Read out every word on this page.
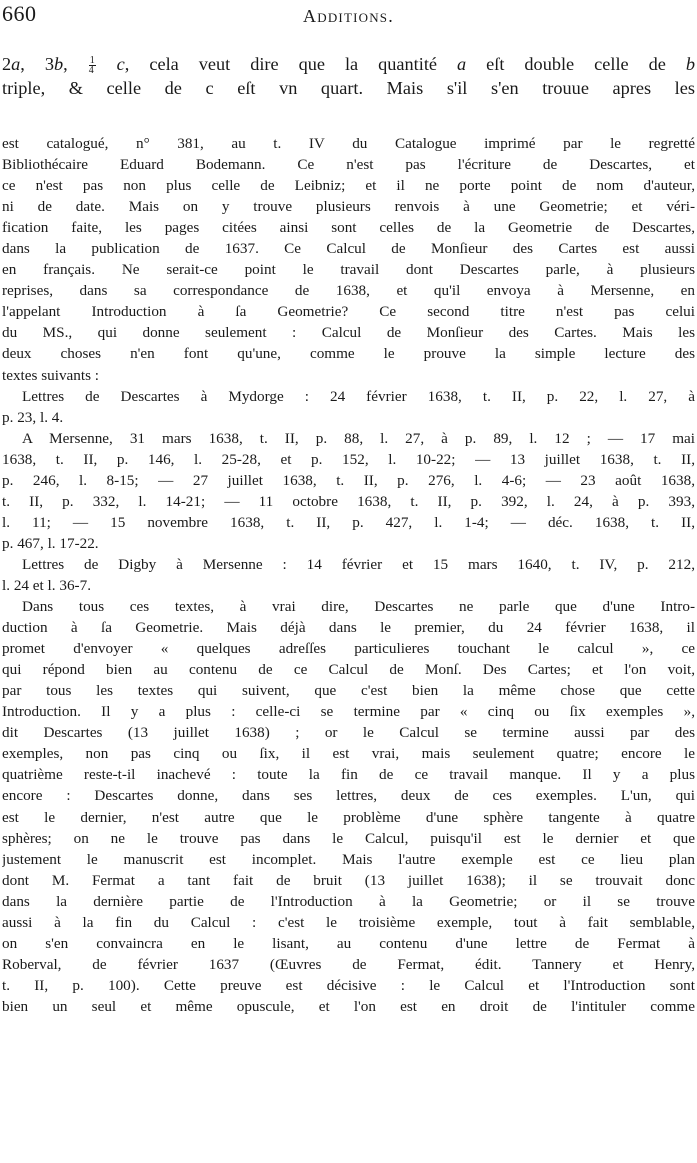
660	Additions.
2a, 3b, $\frac{1}{4} c$, cela veut dire que la quantité a eſt double celle de b
triple, & celle de c eſt vn quart. Mais s'il s'en trouue apres les
est catalogué, n° 381, au t. IV du Catalogue imprimé par le regretté
Bibliothécaire Eduard Bodemann. Ce n'est pas l'écriture de Descartes, et
ce n'est pas non plus celle de Leibniz; et il ne porte point de nom d'auteur,
ni de date. Mais on y trouve plusieurs renvois à une Geometrie; et véri-
fication faite, les pages citées ainsi sont celles de la Geometrie de Descartes,
dans la publication de 1637. Ce Calcul de Monſieur des Cartes est aussi
en français. Ne serait-ce point le travail dont Descartes parle, à plusieurs
reprises, dans sa correspondance de 1638, et qu'il envoya à Mersenne, en
l'appelant Introduction à ſa Geometrie? Ce second titre n'est pas celui
du MS., qui donne seulement : Calcul de Monſieur des Cartes. Mais les
deux choses n'en font qu'une, comme le prouve la simple lecture des
textes suivants :
Lettres de Descartes à Mydorge : 24 février 1638, t. II, p. 22, l. 27, à
p. 23, l. 4.
A Mersenne, 31 mars 1638, t. II, p. 88, l. 27, à p. 89, l. 12 ; — 17 mai
1638, t. II, p. 146, l. 25-28, et p. 152, l. 10-22; — 13 juillet 1638, t. II,
p. 246, l. 8-15; — 27 juillet 1638, t. II, p. 276, l. 4-6; — 23 août 1638,
t. II, p. 332, l. 14-21; — 11 octobre 1638, t. II, p. 392, l. 24, à p. 393,
l. 11; — 15 novembre 1638, t. II, p. 427, l. 1-4; — déc. 1638, t. II,
p. 467, l. 17-22.
Lettres de Digby à Mersenne : 14 février et 15 mars 1640, t. IV, p. 212,
l. 24 et l. 36-7.
Dans tous ces textes, à vrai dire, Descartes ne parle que d'une Intro-
duction à ſa Geometrie. Mais déjà dans le premier, du 24 février 1638, il
promet d'envoyer « quelques adreſſes particulieres touchant le calcul », ce
qui répond bien au contenu de ce Calcul de Monſ. Des Cartes; et l'on voit,
par tous les textes qui suivent, que c'est bien la même chose que cette
Introduction. Il y a plus : celle-ci se termine par « cinq ou ſix exemples »,
dit Descartes (13 juillet 1638) ; or le Calcul se termine aussi par des
exemples, non pas cinq ou ſix, il est vrai, mais seulement quatre; encore le
quatrième reste-t-il inachevé : toute la fin de ce travail manque. Il y a plus
encore : Descartes donne, dans ses lettres, deux de ces exemples. L'un, qui
est le dernier, n'est autre que le problème d'une sphère tangente à quatre
sphères; on ne le trouve pas dans le Calcul, puisqu'il est le dernier et que
justement le manuscrit est incomplet. Mais l'autre exemple est ce lieu plan
dont M. Fermat a tant fait de bruit (13 juillet 1638); il se trouvait donc
dans la dernière partie de l'Introduction à la Geometrie; or il se trouve
aussi à la fin du Calcul : c'est le troisième exemple, tout à fait semblable,
on s'en convaincra en le lisant, au contenu d'une lettre de Fermat à
Roberval, de février 1637 (Œuvres de Fermat, édit. Tannery et Henry,
t. II, p. 100). Cette preuve est décisive : le Calcul et l'Introduction sont
bien un seul et même opuscule, et l'on est en droit de l'intituler comme
